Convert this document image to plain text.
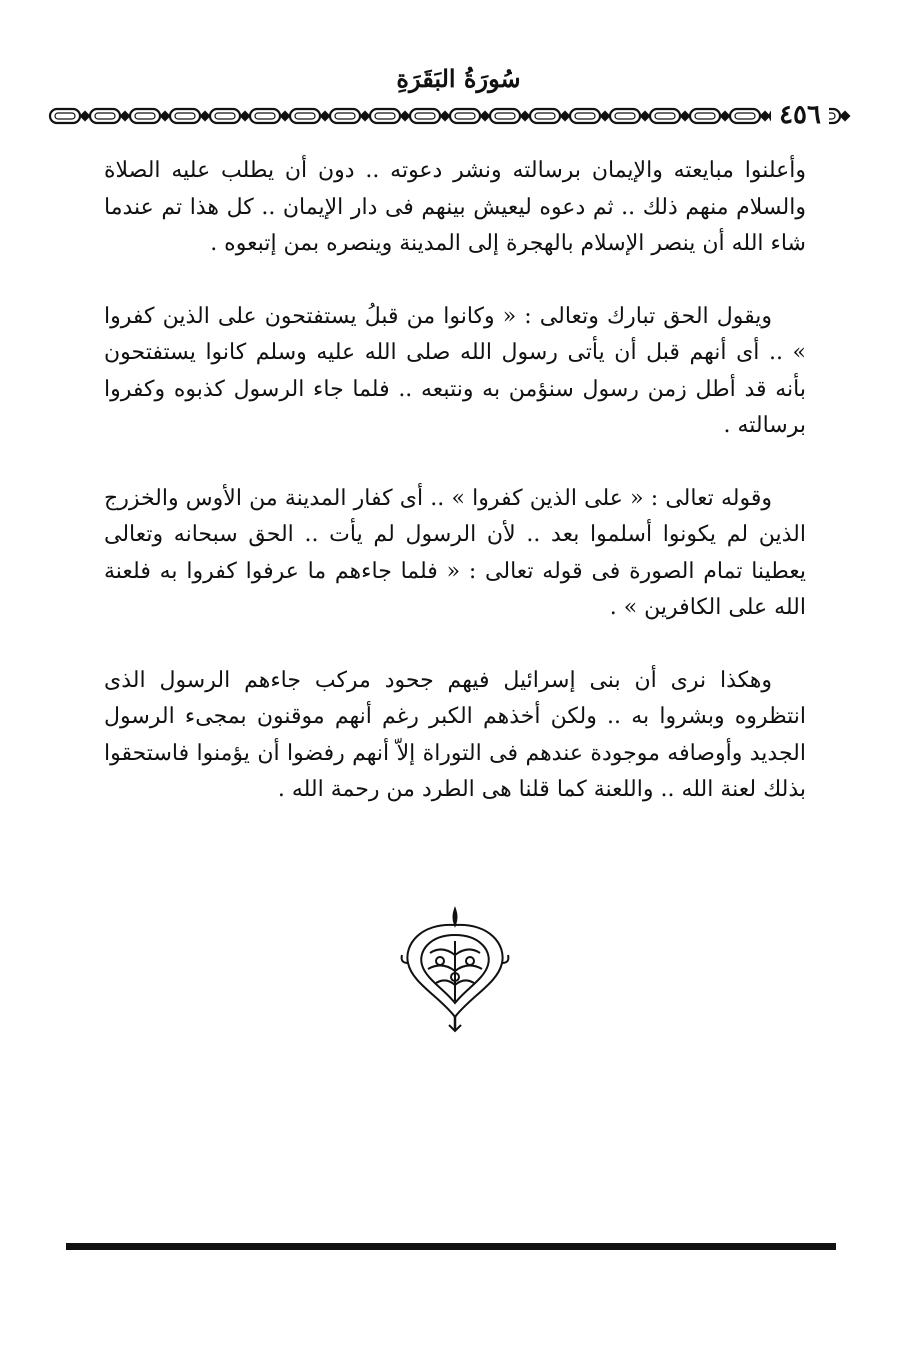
سُورَةُ البَقَرَةِ
٤٥٦

وأعلنوا مبايعته والإيمان برسالته ونشر دعوته .. دون أن يطلب عليه الصلاة والسلام منهم ذلك .. ثم دعوه ليعيش بينهم فى دار الإيمان .. كل هذا تم عندما شاء الله أن ينصر الإسلام بالهجرة إلى المدينة وينصره بمن إتبعوه .

ويقول الحق تبارك وتعالى : « وكانوا من قبلُ يستفتحون على الذين كفروا » .. أى أنهم قبل أن يأتى رسول الله صلى الله عليه وسلم كانوا يستفتحون بأنه قد أطل زمن رسول سنؤمن به ونتبعه .. فلما جاء الرسول كذبوه وكفروا برسالته .

وقوله تعالى : « على الذين كفروا » .. أى كفار المدينة من الأوس والخزرج الذين لم يكونوا أسلموا بعد .. لأن الرسول لم يأت .. الحق سبحانه وتعالى يعطينا تمام الصورة فى قوله تعالى : « فلما جاءهم ما عرفوا كفروا به فلعنة الله على الكافرين » .

وهكذا نرى أن بنى إسرائيل فيهم جحود مركب جاءهم الرسول الذى انتظروه وبشروا به .. ولكن أخذهم الكبر رغم أنهم موقنون بمجىء الرسول الجديد وأوصافه موجودة عندهم فى التوراة إلاّ أنهم رفضوا أن يؤمنوا فاستحقوا بذلك لعنة الله .. واللعنة كما قلنا هى الطرد من رحمة الله .
